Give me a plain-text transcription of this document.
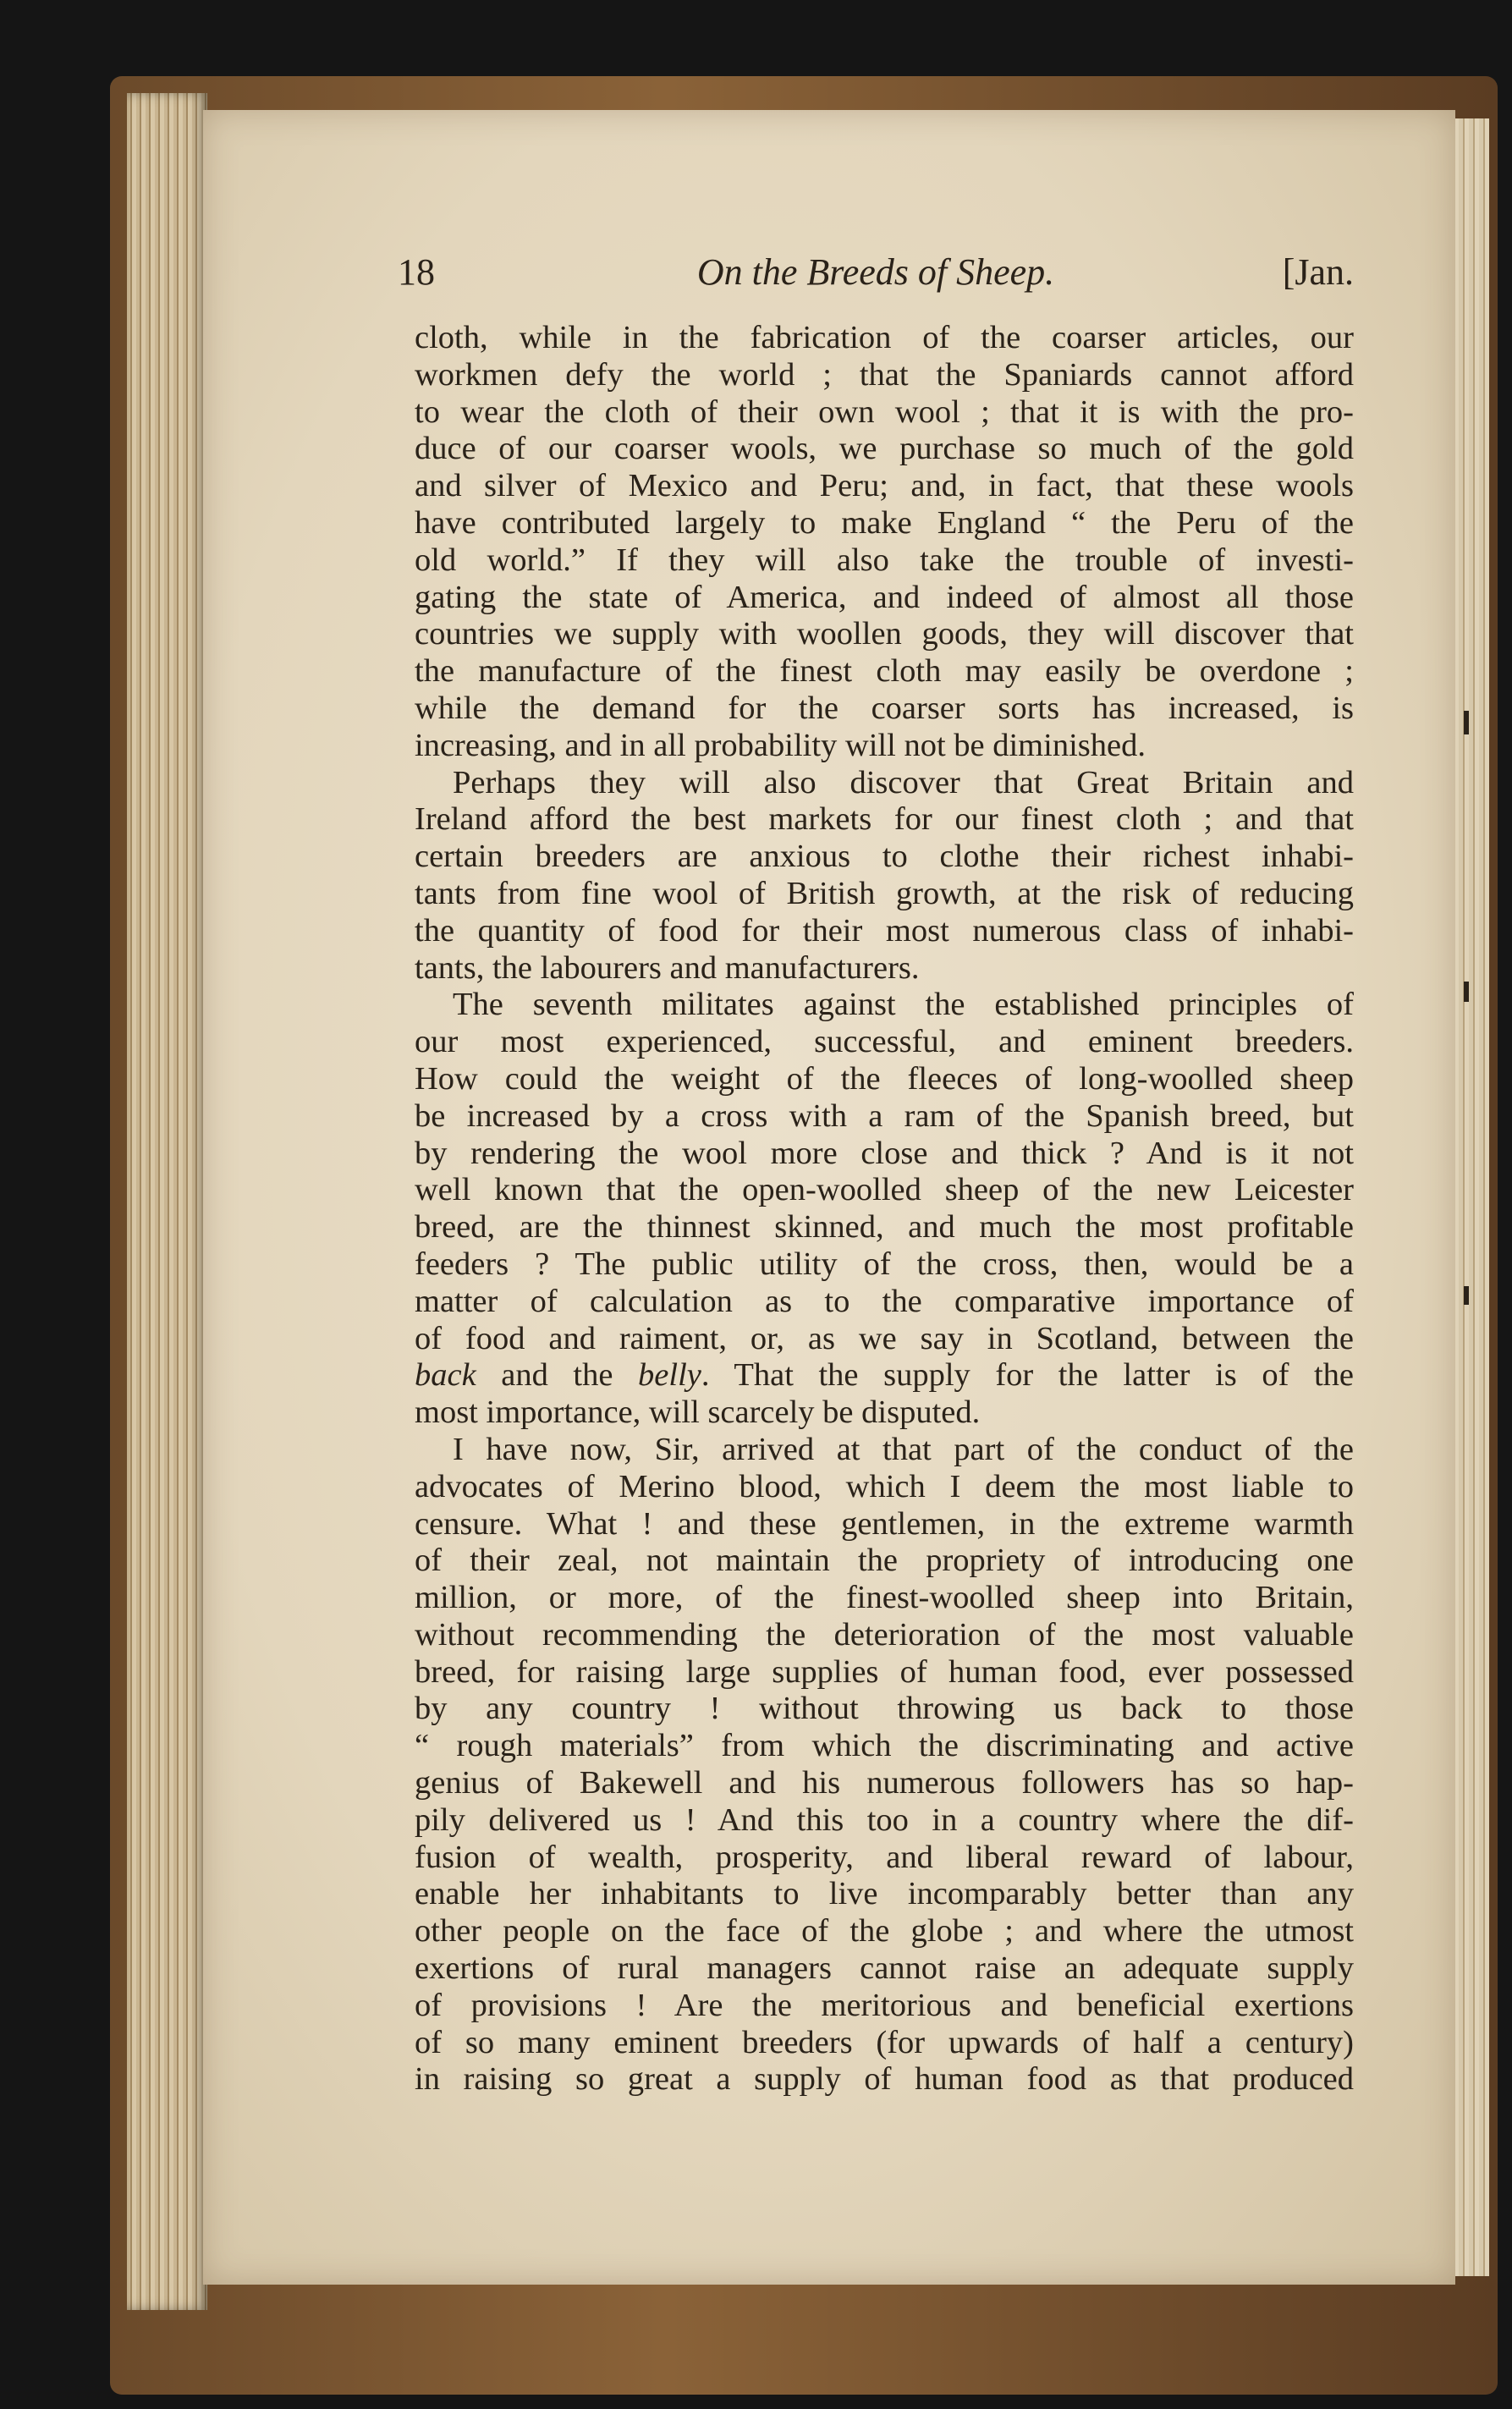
18	On the Breeds of Sheep.	[Jan.
cloth, while in the fabrication of the coarser articles, our
workmen defy the world ; that the Spaniards cannot afford
to wear the cloth of their own wool ; that it is with the pro-
duce of our coarser wools, we purchase so much of the gold
and silver of Mexico and Peru; and, in fact, that these wools
have contributed largely to make England “ the Peru of the
old world.” If they will also take the trouble of investi-
gating the state of America, and indeed of almost all those
countries we supply with woollen goods, they will discover that
the manufacture of the finest cloth may easily be overdone ;
while the demand for the coarser sorts has increased, is
increasing, and in all probability will not be diminished.
Perhaps they will also discover that Great Britain and
Ireland afford the best markets for our finest cloth ; and that
certain breeders are anxious to clothe their richest inhabi-
tants from fine wool of British growth, at the risk of reducing
the quantity of food for their most numerous class of inhabi-
tants, the labourers and manufacturers.
The seventh militates against the established principles of
our most experienced, successful, and eminent breeders.
How could the weight of the fleeces of long-woolled sheep
be increased by a cross with a ram of the Spanish breed, but
by rendering the wool more close and thick ? And is it not
well known that the open-woolled sheep of the new Leicester
breed, are the thinnest skinned, and much the most profitable
feeders ? The public utility of the cross, then, would be a
matter of calculation as to the comparative importance of
of food and raiment, or, as we say in Scotland, between the
back and the belly. That the supply for the latter is of the
most importance, will scarcely be disputed.
I have now, Sir, arrived at that part of the conduct of the
advocates of Merino blood, which I deem the most liable to
censure. What ! and these gentlemen, in the extreme warmth
of their zeal, not maintain the propriety of introducing one
million, or more, of the finest-woolled sheep into Britain,
without recommending the deterioration of the most valuable
breed, for raising large supplies of human food, ever possessed
by any country ! without throwing us back to those
“ rough materials” from which the discriminating and active
genius of Bakewell and his numerous followers has so hap-
pily delivered us ! And this too in a country where the dif-
fusion of wealth, prosperity, and liberal reward of labour,
enable her inhabitants to live incomparably better than any
other people on the face of the globe ; and where the utmost
exertions of rural managers cannot raise an adequate supply
of provisions ! Are the meritorious and beneficial exertions
of so many eminent breeders (for upwards of half a century)
in raising so great a supply of human food as that produced
